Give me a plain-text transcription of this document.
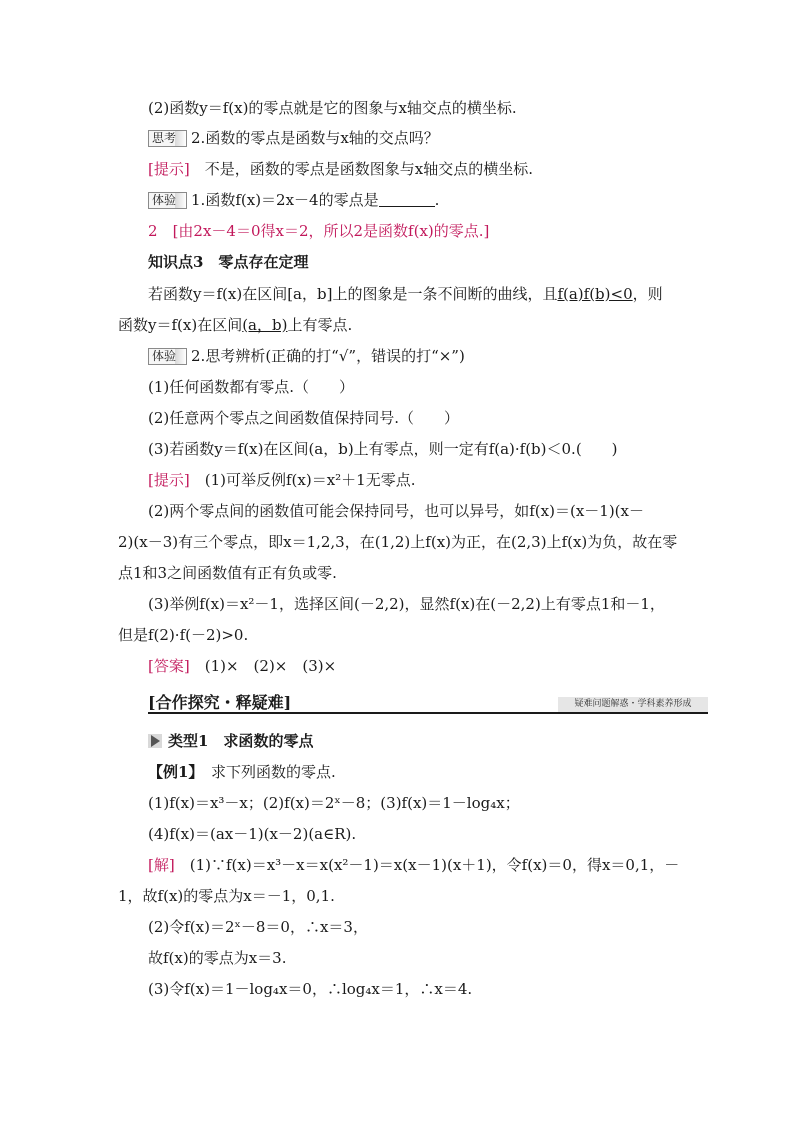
(2)函数y＝f(x)的零点就是它的图象与x轴交点的横坐标.
思考 2.函数的零点是函数与x轴的交点吗？
[提示]　 不是，函数的零点是函数图象与x轴交点的横坐标.
体验 1.函数f(x)＝2x－4的零点是	.
2　 [由2x－4＝0得x＝2，所以2是函数f(x)的零点.]
知识点3　零点存在定理
若函数y＝f(x)在区间[a，b]上的图象是一条不间断的曲线，且f(a)f(b)<0，则
函数y＝f(x)在区间(a，b)上有零点.
体验 2.思考辨析(正确的打“√”，错误的打“×”)
(1)任何函数都有零点.（　　）
(2)任意两个零点之间函数值保持同号.（　　）
(3)若函数y＝f(x)在区间(a，b)上有零点，则一定有f(a)·f(b)＜0.(　　)
[提示]　 (1)可举反例f(x)＝x²＋1无零点.
(2)两个零点间的函数值可能会保持同号，也可以异号，如f(x)＝(x－1)(x－
2)(x－3)有三个零点，即x＝1,2,3，在(1,2)上f(x)为正，在(2,3)上f(x)为负，故在零
点1和3之间函数值有正有负或零.
(3)举例f(x)＝x²－1，选择区间(－2,2)，显然f(x)在(－2,2)上有零点1和－1，
但是f(2)·f(－2)>0.
[答案]　 (1)×　(2)×　(3)×
[合作探究・释疑难]	疑难问题解惑・学科素养形成
类型1　求函数的零点
【例1】　 求下列函数的零点.
(1)f(x)＝x³－x；(2)f(x)＝2ˣ－8；(3)f(x)＝1－log₄x；
(4)f(x)＝(ax－1)(x－2)(a∈R).
[解]　 (1)∵f(x)＝x³－x＝x(x²－1)＝x(x－1)(x＋1)，令f(x)＝0，得x＝0,1，－
1，故f(x)的零点为x＝－1，0,1.
(2)令f(x)＝2ˣ－8＝0，∴x＝3，
故f(x)的零点为x＝3.
(3)令f(x)＝1－log₄x＝0，∴log₄x＝1，∴x＝4.
